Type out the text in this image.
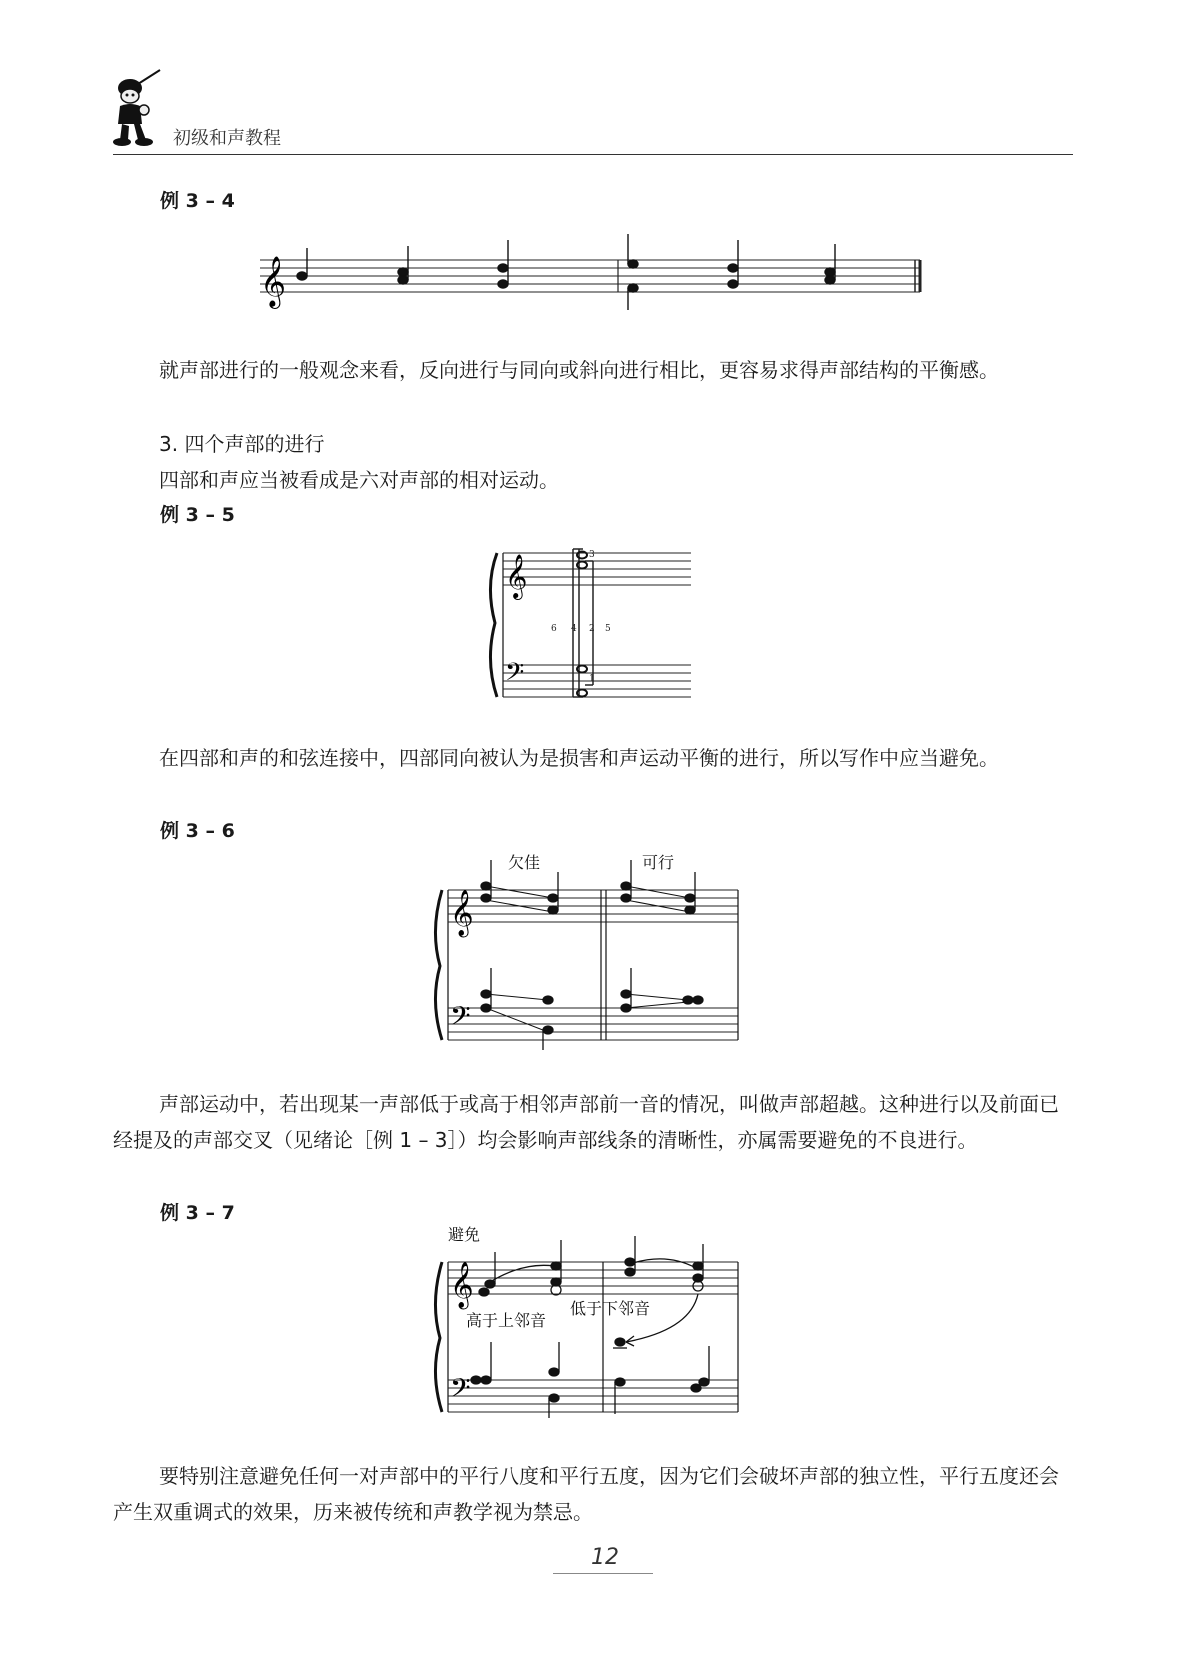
初级和声教程
例 3 – 4
𝄞
就声部进行的一般观念来看，反向进行与同向或斜向进行相比，更容易求得声部结构的平衡感。
3. 四个声部的进行
四部和声应当被看成是六对声部的相对运动。
例 3 – 5
𝄞
𝄢
6 4 2 5
3
1
在四部和声的和弦连接中，四部同向被认为是损害和声运动平衡的进行，所以写作中应当避免。
例 3 – 6
𝄞
𝄢
欠佳	可行
声部运动中，若出现某一声部低于或高于相邻声部前一音的情况，叫做声部超越。这种进行以及前面已经提及的声部交叉（见绪论［例 1 – 3］）均会影响声部线条的清晰性，亦属需要避免的不良进行。
例 3 – 7
𝄞
𝄢
避免
高于上邻音
低于下邻音
要特别注意避免任何一对声部中的平行八度和平行五度，因为它们会破坏声部的独立性，平行五度还会产生双重调式的效果，历来被传统和声教学视为禁忌。
12
